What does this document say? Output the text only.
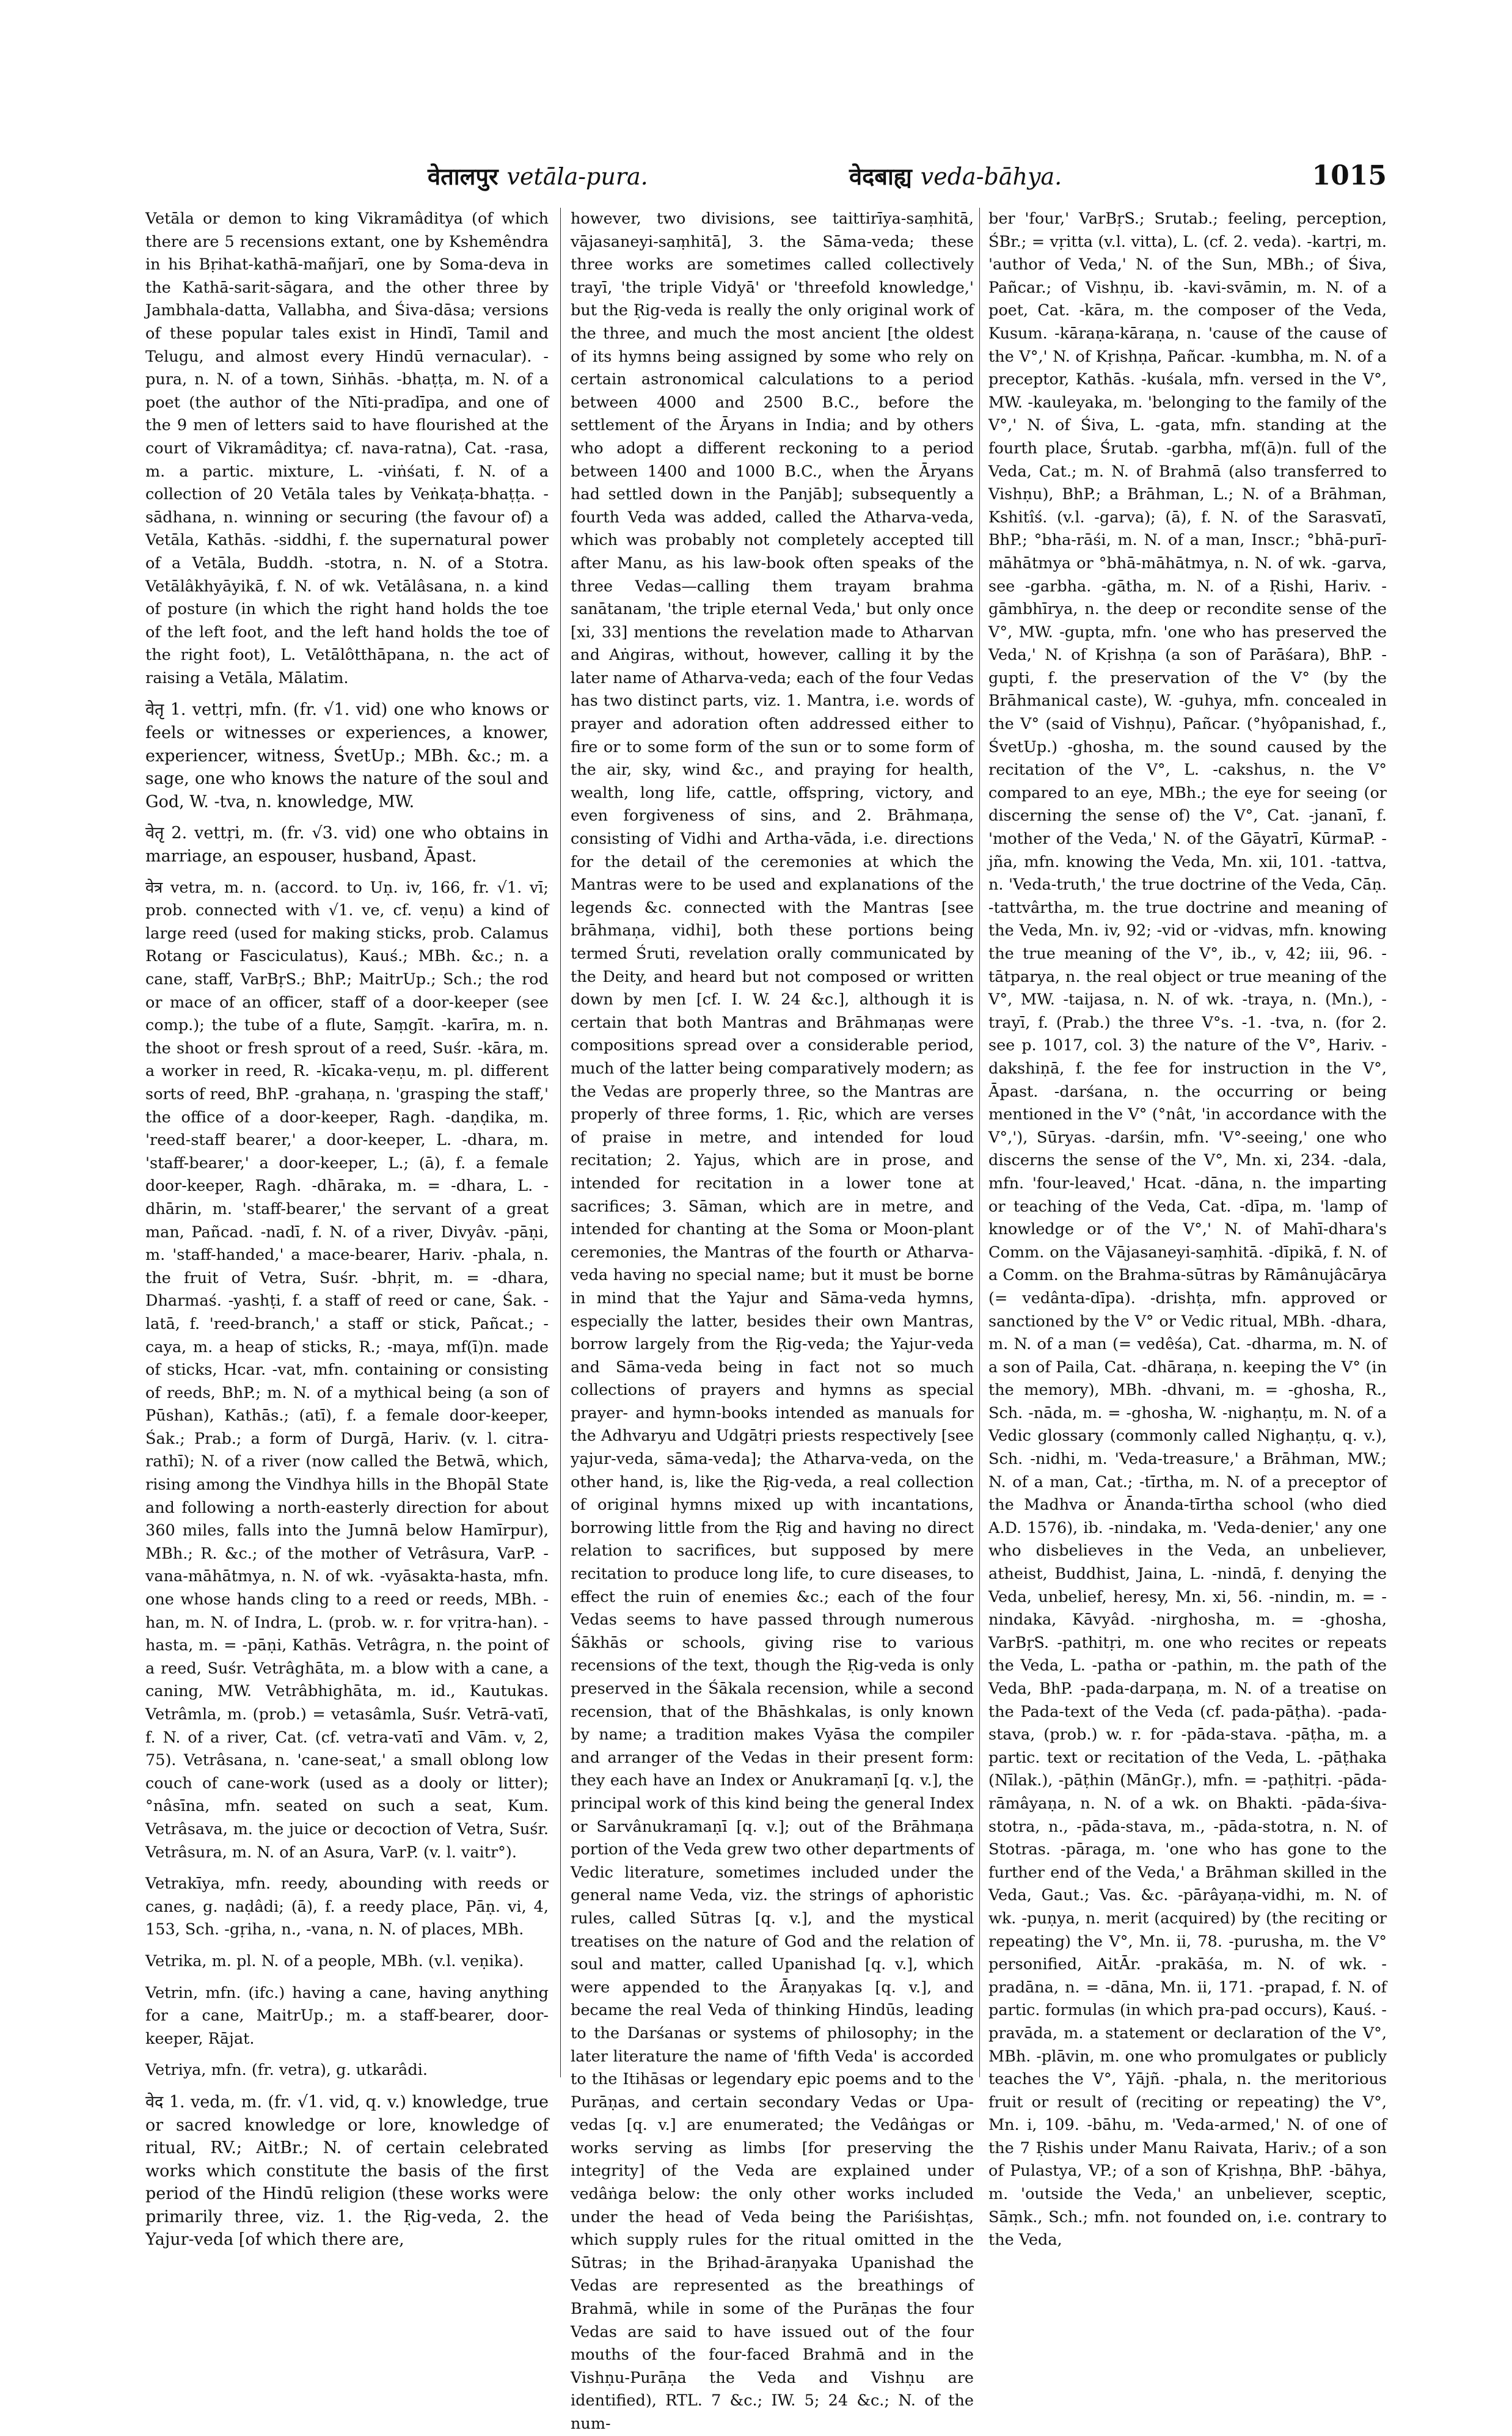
वेतालपुर vetāla-pura.	वेदबाह्य veda-bāhya.	1015

Vetāla or demon to king Vikramâditya (of which there are 5 recensions extant, one by Kshemêndra in his Bṛihat-kathā-mañjarī, one by Soma-deva in the Kathā-sarit-sāgara, and the other three by Jambhala-datta, Vallabha, and Śiva-dāsa; versions of these popular tales exist in Hindī, Tamil and Telugu, and almost every Hindū vernacular). -pura, n. N. of a town, Siṅhās. -bhaṭṭa, m. N. of a poet (the author of the Nīti-pradīpa, and one of the 9 men of letters said to have flourished at the court of Vikramâditya; cf. nava-ratna), Cat. -rasa, m. a partic. mixture, L. -viṅśati, f. N. of a collection of 20 Vetāla tales by Veṅkaṭa-bhaṭṭa. -sādhana, n. winning or securing (the favour of) a Vetāla, Kathās. -siddhi, f. the supernatural power of a Vetāla, Buddh. -stotra, n. N. of a Stotra. Vetālâkhyāyikā, f. N. of wk. Vetālâsana, n. a kind of posture (in which the right hand holds the toe of the left foot, and the left hand holds the toe of the right foot), L. Vetālôtthāpana, n. the act of raising a Vetāla, Mālatim.

वेतृ 1. vettṛi, mfn. (fr. √1. vid) one who knows or feels or witnesses or experiences, a knower, experiencer, witness, ŚvetUp.; MBh. &c.; m. a sage, one who knows the nature of the soul and God, W. -tva, n. knowledge, MW.

वेतृ 2. vettṛi, m. (fr. √3. vid) one who obtains in marriage, an espouser, husband, Āpast.

वेत्र vetra, m. n. (accord. to Uṇ. iv, 166, fr. √1. vī; prob. connected with √1. ve, cf. veṇu) a kind of large reed (used for making sticks, prob. Calamus Rotang or Fasciculatus), Kauś.; MBh. &c.; n. a cane, staff, VarBṛS.; BhP.; MaitrUp.; Sch.; the rod or mace of an officer, staff of a door-keeper (see comp.); the tube of a flute, Saṃgīt. -karīra, m. n. the shoot or fresh sprout of a reed, Suśr. -kāra, m. a worker in reed, R. -kīcaka-veṇu, m. pl. different sorts of reed, BhP. -grahaṇa, n. 'grasping the staff,' the office of a door-keeper, Ragh. -daṇḍika, m. 'reed-staff bearer,' a door-keeper, L. -dhara, m. 'staff-bearer,' a door-keeper, L.; (ā), f. a female door-keeper, Ragh. -dhāraka, m. = -dhara, L. -dhārin, m. 'staff-bearer,' the servant of a great man, Pañcad. -nadī, f. N. of a river, Divyâv. -pāṇi, m. 'staff-handed,' a mace-bearer, Hariv. -phala, n. the fruit of Vetra, Suśr. -bhṛit, m. = -dhara, Dharmaś. -yashṭi, f. a staff of reed or cane, Śak. -latā, f. 'reed-branch,' a staff or stick, Pañcat.; -caya, m. a heap of sticks, R.; -maya, mf(ī)n. made of sticks, Hcar. -vat, mfn. containing or consisting of reeds, BhP.; m. N. of a mythical being (a son of Pūshan), Kathās.; (atī), f. a female door-keeper, Śak.; Prab.; a form of Durgā, Hariv. (v. l. citra-rathī); N. of a river (now called the Betwā, which, rising among the Vindhya hills in the Bhopāl State and following a north-easterly direction for about 360 miles, falls into the Jumnā below Hamīrpur), MBh.; R. &c.; of the mother of Vetrâsura, VarP. -vana-māhātmya, n. N. of wk. -vyāsakta-hasta, mfn. one whose hands cling to a reed or reeds, MBh. -han, m. N. of Indra, L. (prob. w. r. for vṛitra-han). -hasta, m. = -pāṇi, Kathās. Vetrâgra, n. the point of a reed, Suśr. Vetrâghāta, m. a blow with a cane, a caning, MW. Vetrâbhighāta, m. id., Kautukas. Vetrâmla, m. (prob.) = vetasâmla, Suśr. Vetrā-vatī, f. N. of a river, Cat. (cf. vetra-vatī and Vām. v, 2, 75). Vetrâsana, n. 'cane-seat,' a small oblong low couch of cane-work (used as a dooly or litter); °nâsīna, mfn. seated on such a seat, Kum. Vetrâsava, m. the juice or decoction of Vetra, Suśr. Vetrâsura, m. N. of an Asura, VarP. (v. l. vaitr°).

Vetrakīya, mfn. reedy, abounding with reeds or canes, g. naḍâdi; (ā), f. a reedy place, Pāṇ. vi, 4, 153, Sch. -gṛiha, n., -vana, n. N. of places, MBh.

Vetrika, m. pl. N. of a people, MBh. (v.l. veṇika).

Vetrin, mfn. (ifc.) having a cane, having anything for a cane, MaitrUp.; m. a staff-bearer, door-keeper, Rājat.

Vetriya, mfn. (fr. vetra), g. utkarâdi.

वेद 1. veda, m. (fr. √1. vid, q. v.) knowledge, true or sacred knowledge or lore, knowledge of ritual, RV.; AitBr.; N. of certain celebrated works which constitute the basis of the first period of the Hindū religion (these works were primarily three, viz. 1. the Ṛig-veda, 2. the Yajur-veda [of which there are,

however, two divisions, see taittirīya-saṃhitā, vājasaneyi-saṃhitā], 3. the Sāma-veda; these three works are sometimes called collectively trayī, 'the triple Vidyā' or 'threefold knowledge,' but the Ṛig-veda is really the only original work of the three, and much the most ancient [the oldest of its hymns being assigned by some who rely on certain astronomical calculations to a period between 4000 and 2500 B.C., before the settlement of the Āryans in India; and by others who adopt a different reckoning to a period between 1400 and 1000 B.C., when the Āryans had settled down in the Panjāb]; subsequently a fourth Veda was added, called the Atharva-veda, which was probably not completely accepted till after Manu, as his law-book often speaks of the three Vedas—calling them trayam brahma sanātanam, 'the triple eternal Veda,' but only once [xi, 33] mentions the revelation made to Atharvan and Aṅgiras, without, however, calling it by the later name of Atharva-veda; each of the four Vedas has two distinct parts, viz. 1. Mantra, i.e. words of prayer and adoration often addressed either to fire or to some form of the sun or to some form of the air, sky, wind &c., and praying for health, wealth, long life, cattle, offspring, victory, and even forgiveness of sins, and 2. Brāhmaṇa, consisting of Vidhi and Artha-vāda, i.e. directions for the detail of the ceremonies at which the Mantras were to be used and explanations of the legends &c. connected with the Mantras [see brāhmaṇa, vidhi], both these portions being termed Śruti, revelation orally communicated by the Deity, and heard but not composed or written down by men [cf. I. W. 24 &c.], although it is certain that both Mantras and Brāhmaṇas were compositions spread over a considerable period, much of the latter being comparatively modern; as the Vedas are properly three, so the Mantras are properly of three forms, 1. Ṛic, which are verses of praise in metre, and intended for loud recitation; 2. Yajus, which are in prose, and intended for recitation in a lower tone at sacrifices; 3. Sāman, which are in metre, and intended for chanting at the Soma or Moon-plant ceremonies, the Mantras of the fourth or Atharva-veda having no special name; but it must be borne in mind that the Yajur and Sāma-veda hymns, especially the latter, besides their own Mantras, borrow largely from the Ṛig-veda; the Yajur-veda and Sāma-veda being in fact not so much collections of prayers and hymns as special prayer- and hymn-books intended as manuals for the Adhvaryu and Udgātṛi priests respectively [see yajur-veda, sāma-veda]; the Atharva-veda, on the other hand, is, like the Ṛig-veda, a real collection of original hymns mixed up with incantations, borrowing little from the Ṛig and having no direct relation to sacrifices, but supposed by mere recitation to produce long life, to cure diseases, to effect the ruin of enemies &c.; each of the four Vedas seems to have passed through numerous Śākhās or schools, giving rise to various recensions of the text, though the Ṛig-veda is only preserved in the Śākala recension, while a second recension, that of the Bhāshkalas, is only known by name; a tradition makes Vyāsa the compiler and arranger of the Vedas in their present form: they each have an Index or Anukramaṇī [q. v.], the principal work of this kind being the general Index or Sarvânukramaṇī [q. v.]; out of the Brāhmaṇa portion of the Veda grew two other departments of Vedic literature, sometimes included under the general name Veda, viz. the strings of aphoristic rules, called Sūtras [q. v.], and the mystical treatises on the nature of God and the relation of soul and matter, called Upanishad [q. v.], which were appended to the Āraṇyakas [q. v.], and became the real Veda of thinking Hindūs, leading to the Darśanas or systems of philosophy; in the later literature the name of 'fifth Veda' is accorded to the Itihāsas or legendary epic poems and to the Purāṇas, and certain secondary Vedas or Upa-vedas [q. v.] are enumerated; the Vedâṅgas or works serving as limbs [for preserving the integrity] of the Veda are explained under vedâṅga below: the only other works included under the head of Veda being the Pariśishṭas, which supply rules for the ritual omitted in the Sūtras; in the Bṛihad-āraṇyaka Upanishad the Vedas are represented as the breathings of Brahmā, while in some of the Purāṇas the four Vedas are said to have issued out of the four mouths of the four-faced Brahmā and in the Vishṇu-Purāṇa the Veda and Vishṇu are identified), RTL. 7 &c.; IW. 5; 24 &c.; N. of the num-

ber 'four,' VarBṛS.; Srutab.; feeling, perception, ŚBr.; = vṛitta (v.l. vitta), L. (cf. 2. veda). -kartṛi, m. 'author of Veda,' N. of the Sun, MBh.; of Śiva, Pañcar.; of Vishṇu, ib. -kavi-svāmin, m. N. of a poet, Cat. -kāra, m. the composer of the Veda, Kusum. -kāraṇa-kāraṇa, n. 'cause of the cause of the V°,' N. of Kṛishṇa, Pañcar. -kumbha, m. N. of a preceptor, Kathās. -kuśala, mfn. versed in the V°, MW. -kauleyaka, m. 'belonging to the family of the V°,' N. of Śiva, L. -gata, mfn. standing at the fourth place, Śrutab. -garbha, mf(ā)n. full of the Veda, Cat.; m. N. of Brahmā (also transferred to Vishṇu), BhP.; a Brāhman, L.; N. of a Brāhman, Kshitîś. (v.l. -garva); (ā), f. N. of the Sarasvatī, BhP.; °bha-rāśi, m. N. of a man, Inscr.; °bhā-purī-māhātmya or °bhā-māhātmya, n. N. of wk. -garva, see -garbha. -gātha, m. N. of a Ṛishi, Hariv. -gāmbhīrya, n. the deep or recondite sense of the V°, MW. -gupta, mfn. 'one who has preserved the Veda,' N. of Kṛishṇa (a son of Parāśara), BhP. -gupti, f. the preservation of the V° (by the Brāhmanical caste), W. -guhya, mfn. concealed in the V° (said of Vishṇu), Pañcar. (°hyôpanishad, f., ŚvetUp.) -ghosha, m. the sound caused by the recitation of the V°, L. -cakshus, n. the V° compared to an eye, MBh.; the eye for seeing (or discerning the sense of) the V°, Cat. -jananī, f. 'mother of the Veda,' N. of the Gāyatrī, KūrmaP. -jña, mfn. knowing the Veda, Mn. xii, 101. -tattva, n. 'Veda-truth,' the true doctrine of the Veda, Cāṇ. -tattvârtha, m. the true doctrine and meaning of the Veda, Mn. iv, 92; -vid or -vidvas, mfn. knowing the true meaning of the V°, ib., v, 42; iii, 96. -tātparya, n. the real object or true meaning of the V°, MW. -taijasa, n. N. of wk. -traya, n. (Mn.), -trayī, f. (Prab.) the three V°s. -1. -tva, n. (for 2. see p. 1017, col. 3) the nature of the V°, Hariv. -dakshiṇā, f. the fee for instruction in the V°, Āpast. -darśana, n. the occurring or being mentioned in the V° (°nât, 'in accordance with the V°,'), Sūryas. -darśin, mfn. 'V°-seeing,' one who discerns the sense of the V°, Mn. xi, 234. -dala, mfn. 'four-leaved,' Hcat. -dāna, n. the imparting or teaching of the Veda, Cat. -dīpa, m. 'lamp of knowledge or of the V°,' N. of Mahī-dhara's Comm. on the Vājasaneyi-saṃhitā. -dīpikā, f. N. of a Comm. on the Brahma-sūtras by Rāmânujâcārya (= vedânta-dīpa). -drishṭa, mfn. approved or sanctioned by the V° or Vedic ritual, MBh. -dhara, m. N. of a man (= vedêśa), Cat. -dharma, m. N. of a son of Paila, Cat. -dhāraṇa, n. keeping the V° (in the memory), MBh. -dhvani, m. = -ghosha, R., Sch. -nāda, m. = -ghosha, W. -nighaṇṭu, m. N. of a Vedic glossary (commonly called Nighaṇṭu, q. v.), Sch. -nidhi, m. 'Veda-treasure,' a Brāhman, MW.; N. of a man, Cat.; -tīrtha, m. N. of a preceptor of the Madhva or Ānanda-tīrtha school (who died A.D. 1576), ib. -nindaka, m. 'Veda-denier,' any one who disbelieves in the Veda, an unbeliever, atheist, Buddhist, Jaina, L. -nindā, f. denying the Veda, unbelief, heresy, Mn. xi, 56. -nindin, m. = -nindaka, Kāvyâd. -nirghosha, m. = -ghosha, VarBṛS. -pathitṛi, m. one who recites or repeats the Veda, L. -patha or -pathin, m. the path of the Veda, BhP. -pada-darpaṇa, m. N. of a treatise on the Pada-text of the Veda (cf. pada-pāṭha). -pada-stava, (prob.) w. r. for -pāda-stava. -pāṭha, m. a partic. text or recitation of the Veda, L. -pāṭhaka (Nīlak.), -pāṭhin (MānGṛ.), mfn. = -paṭhitṛi. -pāda-rāmâyaṇa, n. N. of a wk. on Bhakti. -pāda-śiva-stotra, n., -pāda-stava, m., -pāda-stotra, n. N. of Stotras. -pāraga, m. 'one who has gone to the further end of the Veda,' a Brāhman skilled in the Veda, Gaut.; Vas. &c. -pārâyaṇa-vidhi, m. N. of wk. -puṇya, n. merit (acquired) by (the reciting or repeating) the V°, Mn. ii, 78. -purusha, m. the V° personified, AitĀr. -prakāśa, m. N. of wk. -pradāna, n. = -dāna, Mn. ii, 171. -prapad, f. N. of partic. formulas (in which pra-pad occurs), Kauś. -pravāda, m. a statement or declaration of the V°, MBh. -plāvin, m. one who promulgates or publicly teaches the V°, Yājñ. -phala, n. the meritorious fruit or result of (reciting or repeating) the V°, Mn. i, 109. -bāhu, m. 'Veda-armed,' N. of one of the 7 Ṛishis under Manu Raivata, Hariv.; of a son of Pulastya, VP.; of a son of Kṛishṇa, BhP. -bāhya, m. 'outside the Veda,' an unbeliever, sceptic, Sāṃk., Sch.; mfn. not founded on, i.e. contrary to the Veda,
